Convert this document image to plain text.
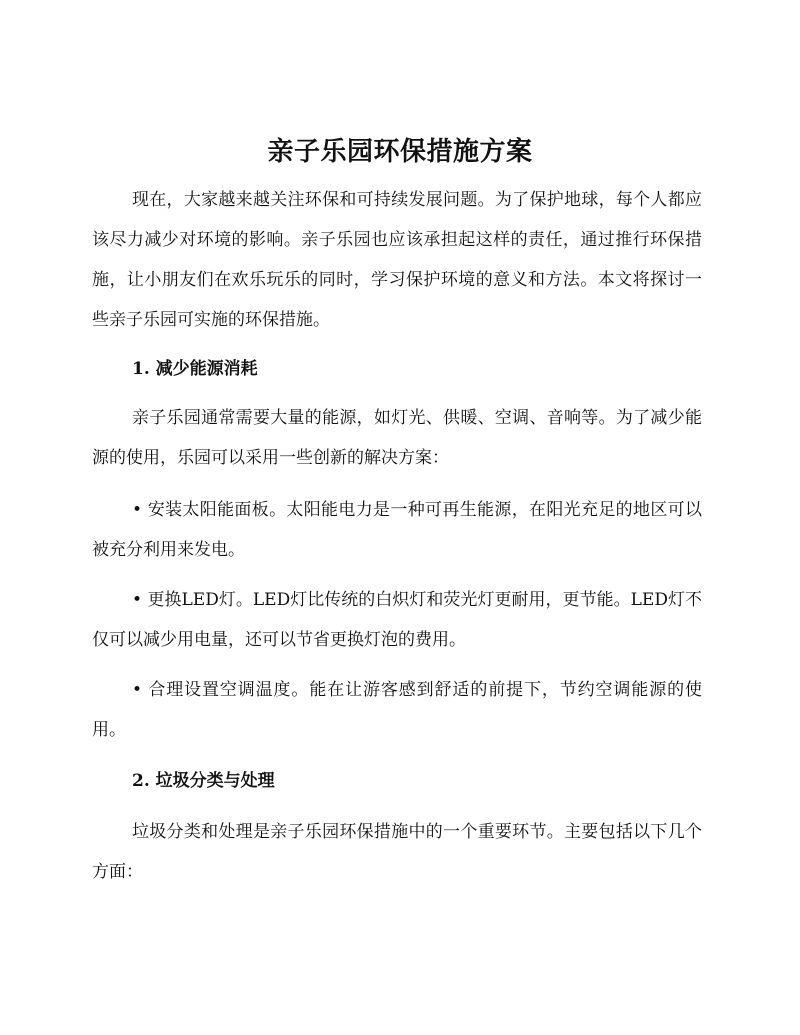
亲子乐园环保措施方案

现在，大家越来越关注环保和可持续发展问题。为了保护地球，每个人都应该尽力减少对环境的影响。亲子乐园也应该承担起这样的责任，通过推行环保措施，让小朋友们在欢乐玩乐的同时，学习保护环境的意义和方法。本文将探讨一些亲子乐园可实施的环保措施。

1. 减少能源消耗

亲子乐园通常需要大量的能源，如灯光、供暖、空调、音响等。为了减少能源的使用，乐园可以采用一些创新的解决方案：

• 安装太阳能面板。太阳能电力是一种可再生能源，在阳光充足的地区可以被充分利用来发电。

• 更换LED灯。LED灯比传统的白炽灯和荧光灯更耐用，更节能。LED灯不仅可以减少用电量，还可以节省更换灯泡的费用。

• 合理设置空调温度。能在让游客感到舒适的前提下，节约空调能源的使用。

2. 垃圾分类与处理

垃圾分类和处理是亲子乐园环保措施中的一个重要环节。主要包括以下几个方面：
